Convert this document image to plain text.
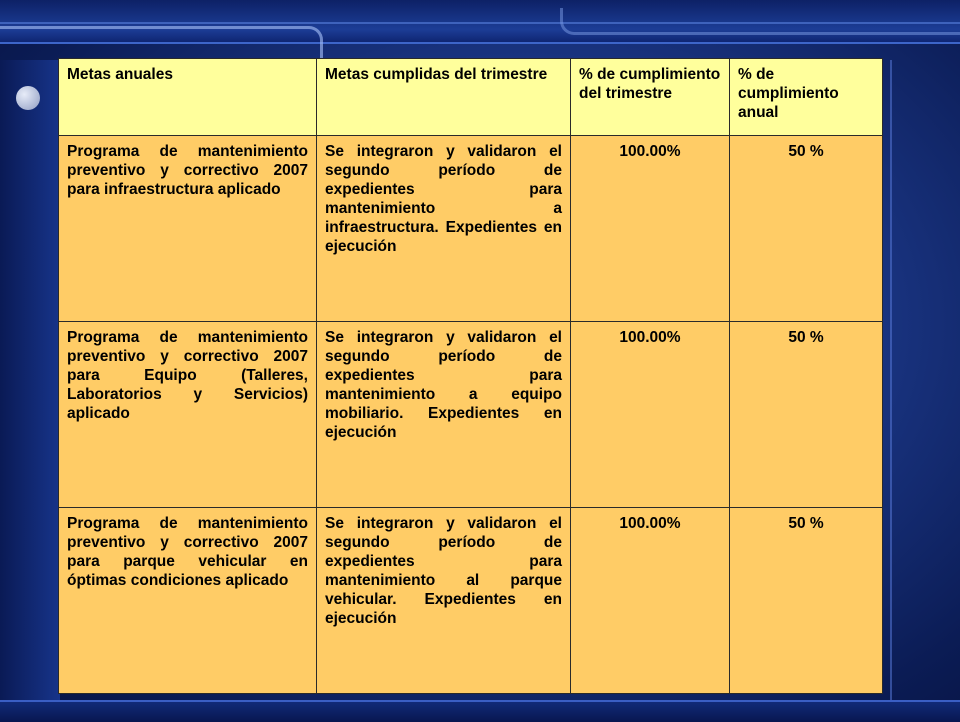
Metas anuales	Metas cumplidas del trimestre	% de cumplimiento del trimestre	% de cumplimiento anual
Programa de mantenimiento preventivo y correctivo 2007 para infraestructura aplicado	Se integraron y validaron el segundo período de expedientes para mantenimiento a infraestructura. Expedientes en ejecución	100.00%	50 %
Programa de mantenimiento preventivo y correctivo 2007 para Equipo (Talleres, Laboratorios y Servicios) aplicado	Se integraron y validaron el segundo período de expedientes para mantenimiento a equipo mobiliario. Expedientes en ejecución	100.00%	50 %
Programa de mantenimiento preventivo y correctivo 2007 para parque vehicular en óptimas condiciones aplicado	Se integraron y validaron el segundo período de expedientes para mantenimiento al parque vehicular. Expedientes en ejecución	100.00%	50 %
